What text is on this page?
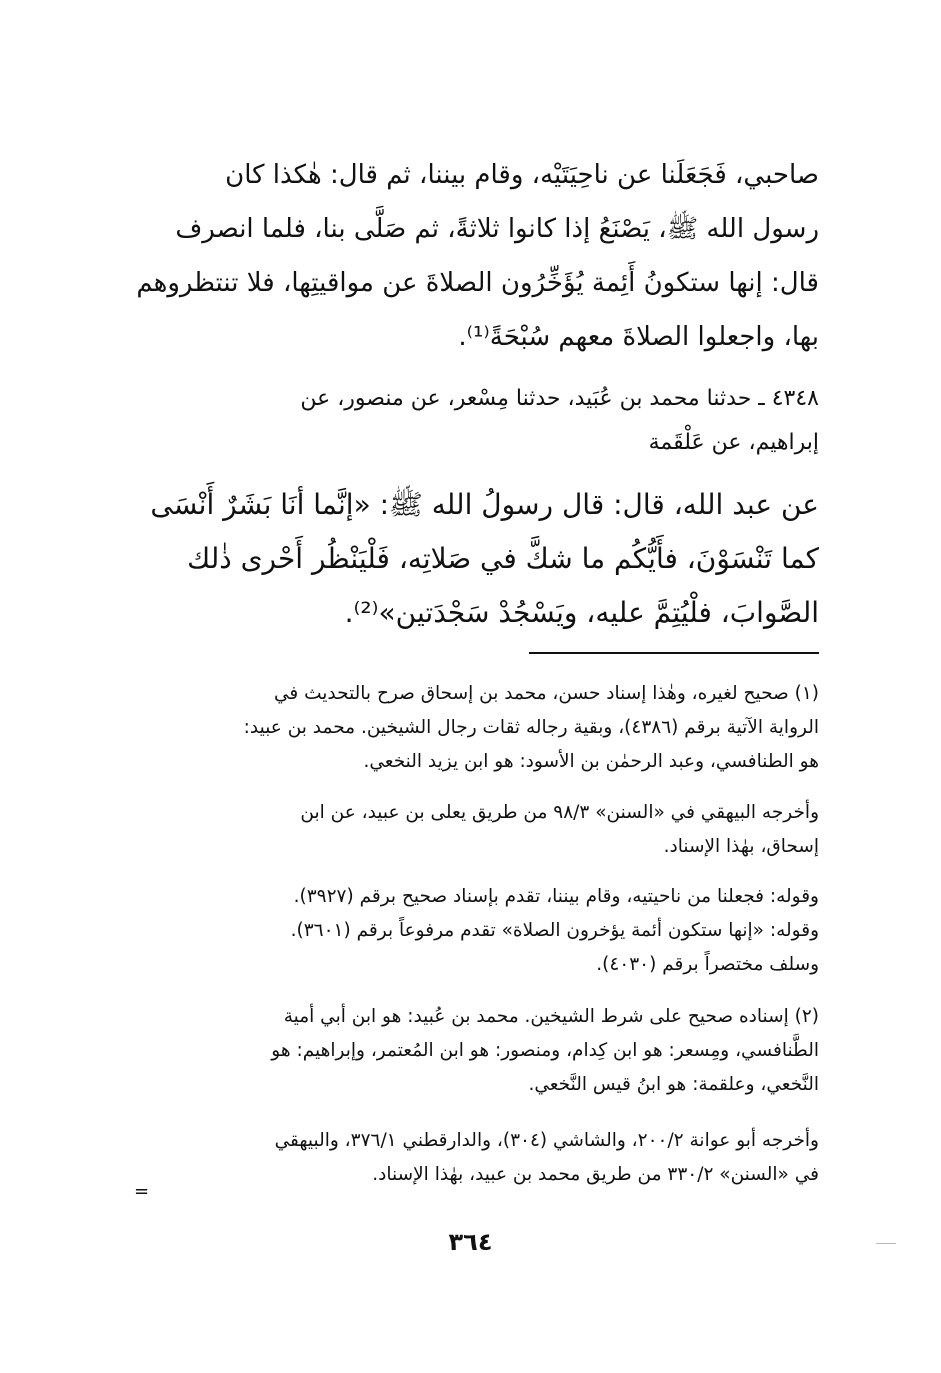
صاحبي، فَجَعَلَنا عن ناحِيَتَيْه، وقام بيننا، ثم قال: هٰكذا كان
رسول الله ﷺ، يَصْنَعُ إذا كانوا ثلاثةً، ثم صَلَّى بنا، فلما انصرف
قال: إنها ستكونُ أَئِمة يُؤَخِّرُون الصلاةَ عن مواقيتِها، فلا تنتظروهم
بها، واجعلوا الصلاةَ معهم سُبْحَةً⁽¹⁾.

٤٣٤٨ ـ حدثنا محمد بن عُبَيد، حدثنا مِسْعر، عن منصور، عن
إبراهيم، عن عَلْقَمة

عن عبد الله، قال: قال رسولُ الله ﷺ: «إنَّما أنَا بَشَرٌ أَنْسَى
كما تَنْسَوْنَ، فأَيُّكُم ما شكَّ في صَلاتِه، فَلْيَنْظُر أَحْرى ذٰلك
الصَّوابَ، فلْيُتِمَّ عليه، ويَسْجُدْ سَجْدَتين»⁽²⁾.

(١) صحيح لغيره، وهٰذا إسناد حسن، محمد بن إسحاق صرح بالتحديث في
الرواية الآتية برقم (٤٣٨٦)، وبقية رجاله ثقات رجال الشيخين. محمد بن عبيد:
هو الطنافسي، وعبد الرحمٰن بن الأسود: هو ابن يزيد النخعي.

وأخرجه البيهقي في «السنن» ٩٨/٣ من طريق يعلى بن عبيد، عن ابن
إسحاق، بهٰذا الإسناد.

وقوله: فجعلنا من ناحيتيه، وقام بيننا، تقدم بإسناد صحيح برقم (٣٩٢٧).
وقوله: «إنها ستكون أئمة يؤخرون الصلاة» تقدم مرفوعاً برقم (٣٦٠١).
وسلف مختصراً برقم (٤٠٣٠).

(٢) إسناده صحيح على شرط الشيخين. محمد بن عُبيد: هو ابن أبي أمية
الطَّنافسي، ومِسعر: هو ابن كِدام، ومنصور: هو ابن المُعتمر، وإبراهيم: هو
النَّخعي، وعلقمة: هو ابنُ قيس النَّخعي.

وأخرجه أبو عوانة ٢٠٠/٢، والشاشي (٣٠٤)، والدارقطني ٣٧٦/١، والبيهقي
في «السنن» ٣٣٠/٢ من طريق محمد بن عبيد، بهٰذا الإسناد.

=
٣٦٤
